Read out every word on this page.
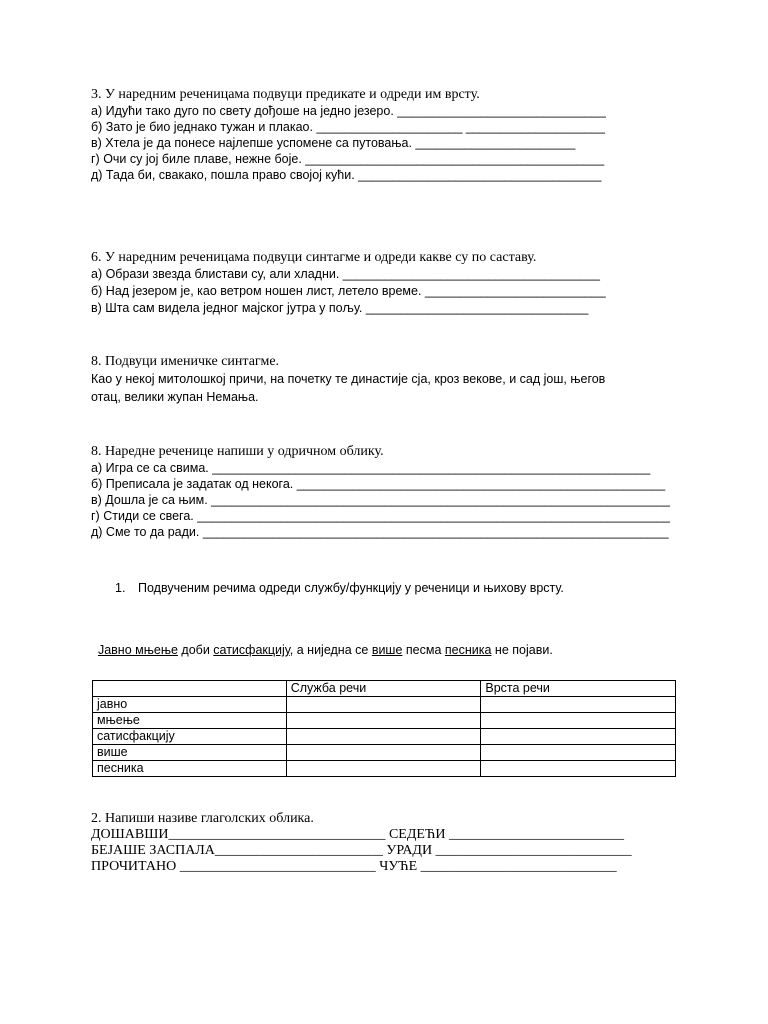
3. У наредним реченицама подвуци предикате и одреди им врсту.
а) Идући тако дуго по свету дођоше на једно језеро. ______________________________
б) Зато је био једнако тужан и плакао. _____________________ ____________________
в) Хтела је да понесе најлепше успомене са путовања. _______________________
г) Очи су јој биле плаве, нежне боје. ___________________________________________
д) Тада би, свакако, пошла право својој кући. ___________________________________
6. У наредним реченицама подвуци синтагме и одреди какве су по саставу.
а) Образи звезда блистави су, али хладни. _____________________________________
б) Над језером је, као ветром ношен лист, летело време. __________________________
в) Шта сам видела једног мајског јутра у пољу. ________________________________
8. Подвуци именичке синтагме.
Као у некој митолошкој причи, на почетку те династије сја, кроз векове, и сад још, његов
отац, велики жупан Немања.
8. Наредне реченице напиши у одричном облику.
а) Игра се са свима. _______________________________________________________________
б) Преписала је задатак од некога. _____________________________________________________
в) Дошла је са њим. __________________________________________________________________
г) Стиди се свега. ____________________________________________________________________
д) Сме то да ради. ___________________________________________________________________
1. Подвученим речима одреди службу/функцију у реченици и њихову врсту.

Јавно мњење доби сатисфакцију, а ниједна се више песма песника не појави.

	Служба речи	Врста речи
јавно		
мњење		
сатисфакцију		
више		
песника		
2. Напиши називе глаголских облика.
ДОШАВШИ_______________________________ СЕДЕЋИ _________________________
БЕЈАШЕ ЗАСПАЛА________________________ УРАДИ ____________________________
ПРОЧИТАНО ____________________________ ЧУЋЕ ____________________________
